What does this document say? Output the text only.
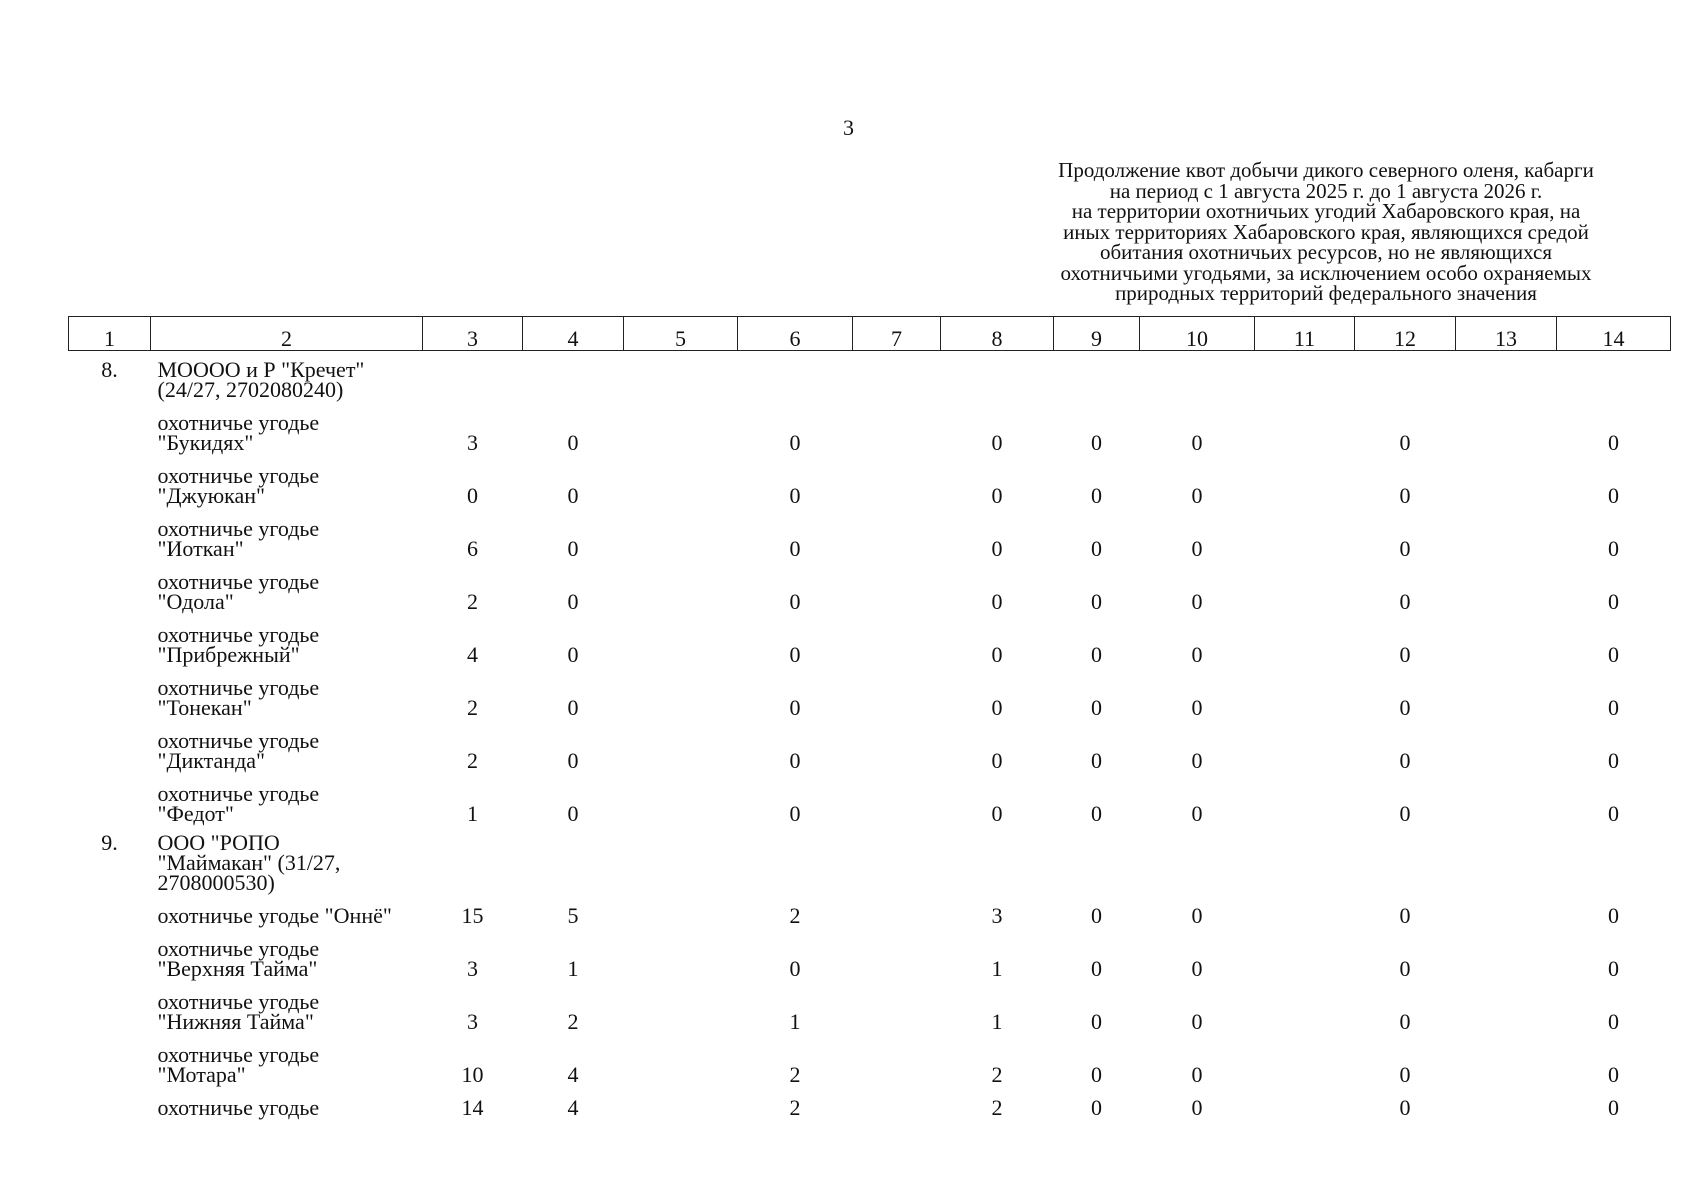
3
Продолжение квот добычи дикого северного оленя, кабарги
на период с 1 августа 2025 г. до 1 августа 2026 г.
на территории охотничьих угодий Хабаровского края, на
иных территориях Хабаровского края, являющихся средой
обитания охотничьих ресурсов, но не являющихся
охотничьими угодьями, за исключением особо охраняемых
природных территорий федерального значения
1	2	3	4	5	6	7	8	9	10	11	12	13	14
8.	МОООО и Р "Кречет"
(24/27, 2702080240)												

	охотничье угодье
"Букидях"	3	0		0		0	0	0		0		0

	охотничье угодье
"Джуюкан"	0	0		0		0	0	0		0		0

	охотничье угодье
"Иоткан"	6	0		0		0	0	0		0		0

	охотничье угодье
"Одола"	2	0		0		0	0	0		0		0

	охотничье угодье
"Прибрежный"	4	0		0		0	0	0		0		0

	охотничье угодье
"Тонекан"	2	0		0		0	0	0		0		0

	охотничье угодье
"Диктанда"	2	0		0		0	0	0		0		0

	охотничье угодье
"Федот"	1	0		0		0	0	0		0		0
9.	ООО "РОПО
"Маймакан" (31/27,
2708000530)												

	охотничье угодье "Оннё"	15	5		2		3	0	0		0		0

	охотничье угодье
"Верхняя Тайма"	3	1		0		1	0	0		0		0

	охотничье угодье
"Нижняя Тайма"	3	2		1		1	0	0		0		0

	охотничье угодье
"Мотара"	10	4		2		2	0	0		0		0

	охотничье угодье	14	4		2		2	0	0		0		0
